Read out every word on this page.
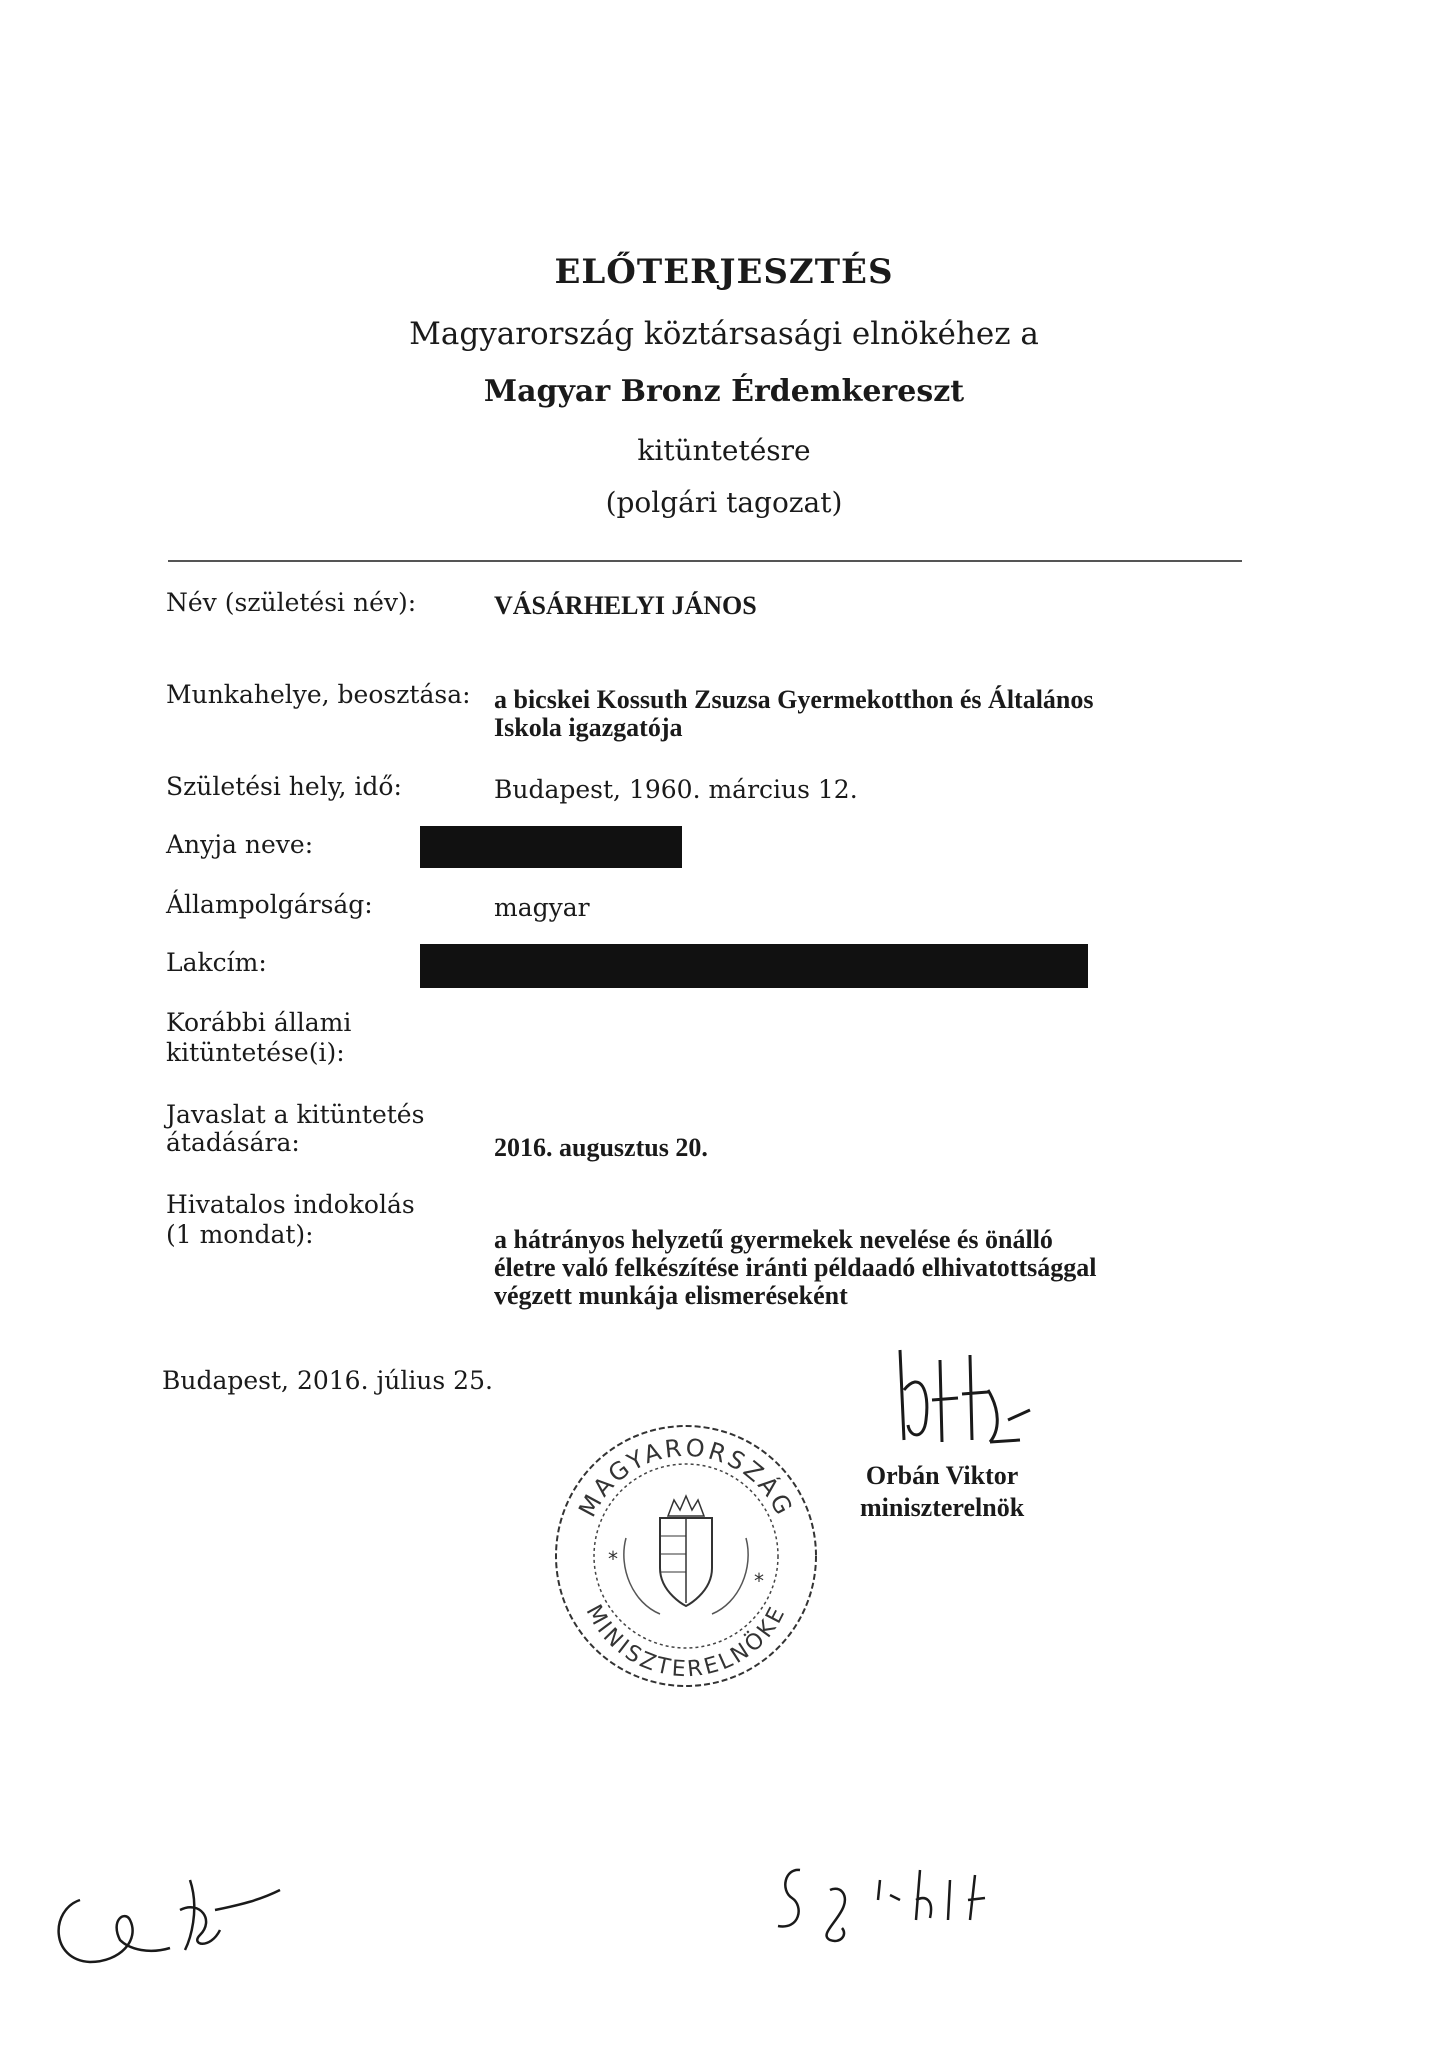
ELŐTERJESZTÉS
Magyarország köztársasági elnökéhez a
Magyar Bronz Érdemkereszt
kitüntetésre
(polgári tagozat)
Név (születési név):	VÁSÁRHELYI JÁNOS
Munkahelye, beosztása: a bicskei Kossuth Zsuzsa Gyermekotthon és Általános
Iskola igazgatója
Születési hely, idő:	Budapest, 1960. március 12.
Anyja neve:
Állampolgárság:	magyar
Lakcím:
Korábbi állami
kitüntetése(i):
Javaslat a kitüntetés
átadására:	2016. augusztus 20.
Hivatalos indokolás
(1 mondat):	a hátrányos helyzetű gyermekek nevelése és önálló
életre való felkészítése iránti példaadó elhivatottsággal
végzett munkája elismeréseként
Budapest, 2016. július 25.
MAGYARORSZÁG
MINISZTERELNÖKE
*
*
Orbán Viktor
miniszterelnök
